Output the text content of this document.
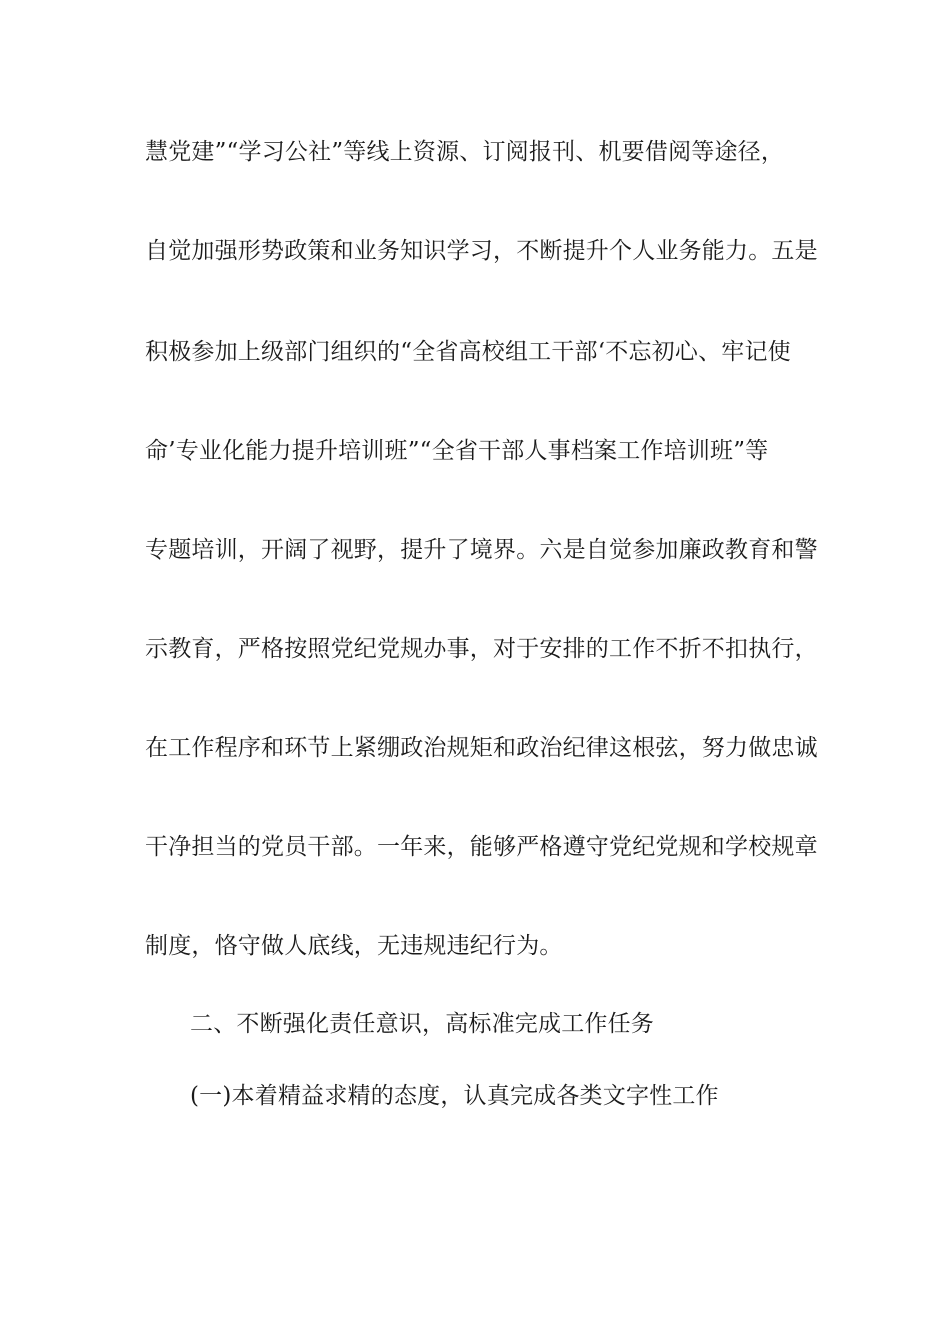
慧党建”“学习公社”等线上资源、订阅报刊、机要借阅等途径，
自觉加强形势政策和业务知识学习，不断提升个人业务能力。五是
积极参加上级部门组织的“全省高校组工干部‘不忘初心、牢记使
命’专业化能力提升培训班”“全省干部人事档案工作培训班”等
专题培训，开阔了视野，提升了境界。六是自觉参加廉政教育和警
示教育，严格按照党纪党规办事，对于安排的工作不折不扣执行，
在工作程序和环节上紧绷政治规矩和政治纪律这根弦，努力做忠诚
干净担当的党员干部。一年来，能够严格遵守党纪党规和学校规章
制度，恪守做人底线，无违规违纪行为。
二、不断强化责任意识，高标准完成工作任务
(一)本着精益求精的态度，认真完成各类文字性工作
